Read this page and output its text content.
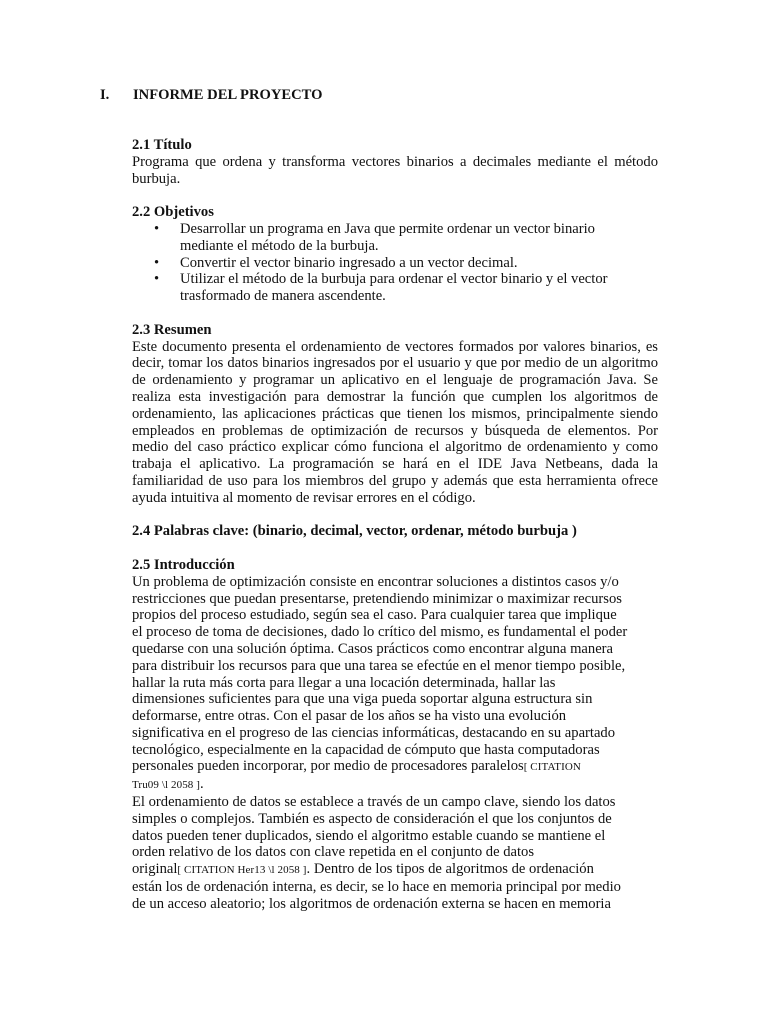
I.	INFORME DEL PROYECTO

2.1 Título

Programa que ordena y transforma vectores binarios a decimales mediante el método burbuja.

2.2 Objetivos

• Desarrollar un programa en Java que permite ordenar un vector binario mediante el método de la burbuja.
• Convertir el vector binario ingresado a un vector decimal.
• Utilizar el método de la burbuja para ordenar el vector binario y el vector trasformado de manera ascendente.

2.3 Resumen

Este documento presenta el ordenamiento de vectores formados por valores binarios, es decir, tomar los datos binarios ingresados por el usuario y que por medio de un algoritmo de ordenamiento y programar un aplicativo en el lenguaje de programación Java. Se realiza esta investigación para demostrar la función que cumplen los algoritmos de ordenamiento, las aplicaciones prácticas que tienen los mismos, principalmente siendo empleados en problemas de optimización de recursos y búsqueda de elementos. Por medio del caso práctico explicar cómo funciona el algoritmo de ordenamiento y como trabaja el aplicativo. La programación se hará en el IDE Java Netbeans, dada la familiaridad de uso para los miembros del grupo y además que esta herramienta ofrece ayuda intuitiva al momento de revisar errores en el código.

2.4 Palabras clave: (binario, decimal, vector, ordenar, método burbuja )

2.5 Introducción

Un problema de optimización consiste en encontrar soluciones a distintos casos y/o
restricciones que puedan presentarse, pretendiendo minimizar o maximizar recursos
propios del proceso estudiado, según sea el caso. Para cualquier tarea que implique
el proceso de toma de decisiones, dado lo crítico del mismo, es fundamental el poder
quedarse con una solución óptima. Casos prácticos como encontrar alguna manera
para distribuir los recursos para que una tarea se efectúe en el menor tiempo posible,
hallar la ruta más corta para llegar a una locación determinada, hallar las
dimensiones suficientes para que una viga pueda soportar alguna estructura sin
deformarse, entre otras. Con el pasar de los años se ha visto una evolución
significativa en el progreso de las ciencias informáticas, destacando en su apartado
tecnológico, especialmente en la capacidad de cómputo que hasta computadoras
personales pueden incorporar, por medio de procesadores paralelos[ CITATION
Tru09 \l 2058 ].
El ordenamiento de datos se establece a través de un campo clave, siendo los datos
simples o complejos. También es aspecto de consideración el que los conjuntos de
datos pueden tener duplicados, siendo el algoritmo estable cuando se mantiene el
orden relativo de los datos con clave repetida en el conjunto de datos
original[ CITATION Her13 \l 2058 ]. Dentro de los tipos de algoritmos de ordenación
están los de ordenación interna, es decir, se lo hace en memoria principal por medio
de un acceso aleatorio; los algoritmos de ordenación externa se hacen en memoria
